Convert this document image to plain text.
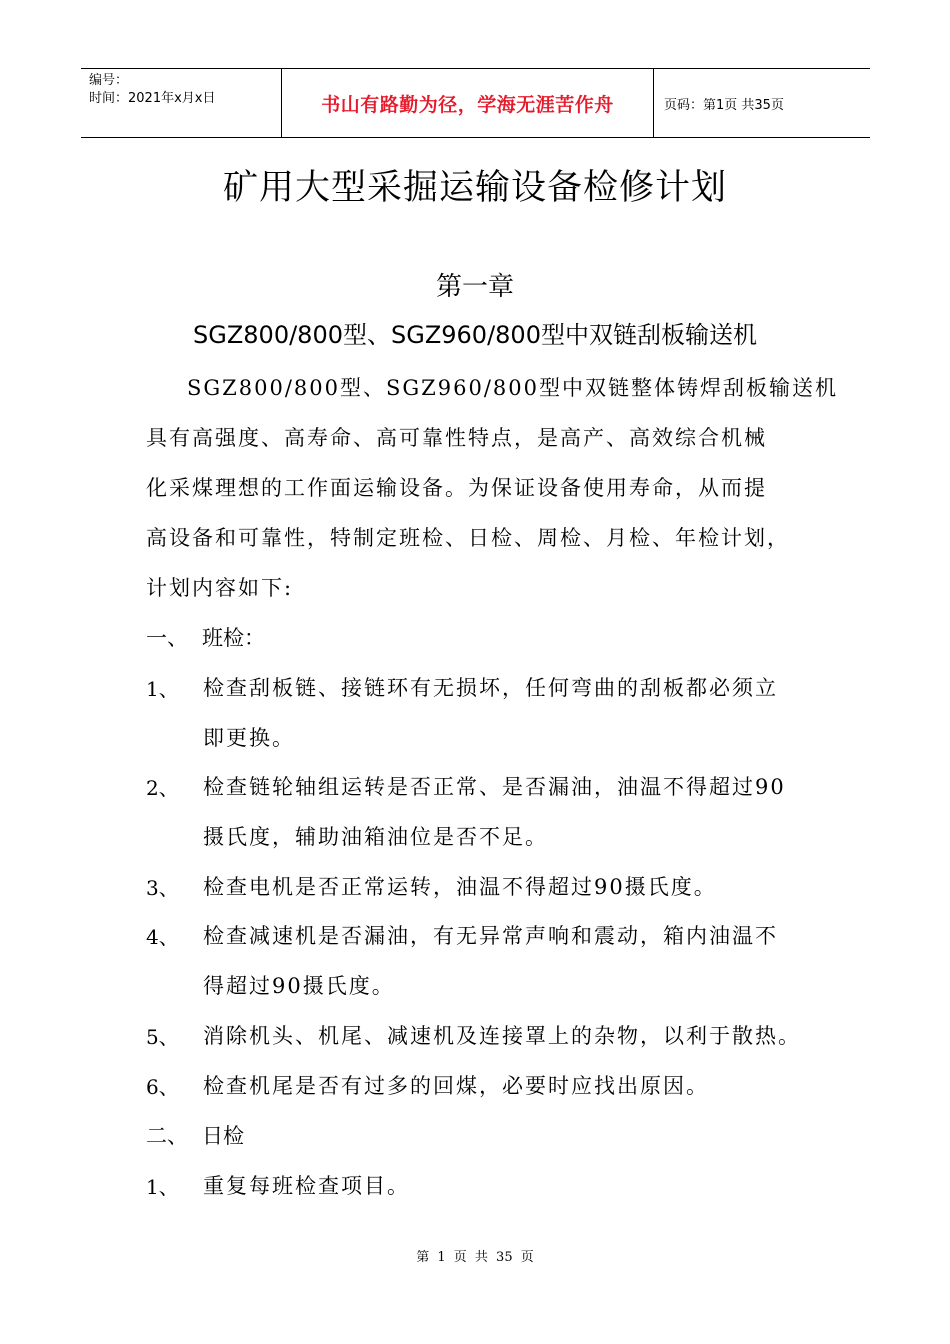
编号：
时间：2021年x月x日	书山有路勤为径，学海无涯苦作舟	页码：第1页 共35页
矿用大型采掘运输设备检修计划
第一章
SGZ800/800型、SGZ960/800型中双链刮板输送机
SGZ800/800型、SGZ960/800型中双链整体铸焊刮板输送机
具有高强度、高寿命、高可靠性特点，是高产、高效综合机械
化采煤理想的工作面运输设备。为保证设备使用寿命，从而提
高设备和可靠性，特制定班检、日检、周检、月检、年检计划，
计划内容如下:
一、 班检：
1、 检查刮板链、接链环有无损坏，任何弯曲的刮板都必须立
即更换。
2、 检查链轮轴组运转是否正常、是否漏油，油温不得超过90
摄氏度，辅助油箱油位是否不足。
3、 检查电机是否正常运转，油温不得超过90摄氏度。
4、 检查减速机是否漏油，有无异常声响和震动，箱内油温不
得超过90摄氏度。
5、 消除机头、机尾、减速机及连接罩上的杂物，以利于散热。
6、 检查机尾是否有过多的回煤，必要时应找出原因。
二、 日检
1、 重复每班检查项目。
第 1 页 共 35 页
